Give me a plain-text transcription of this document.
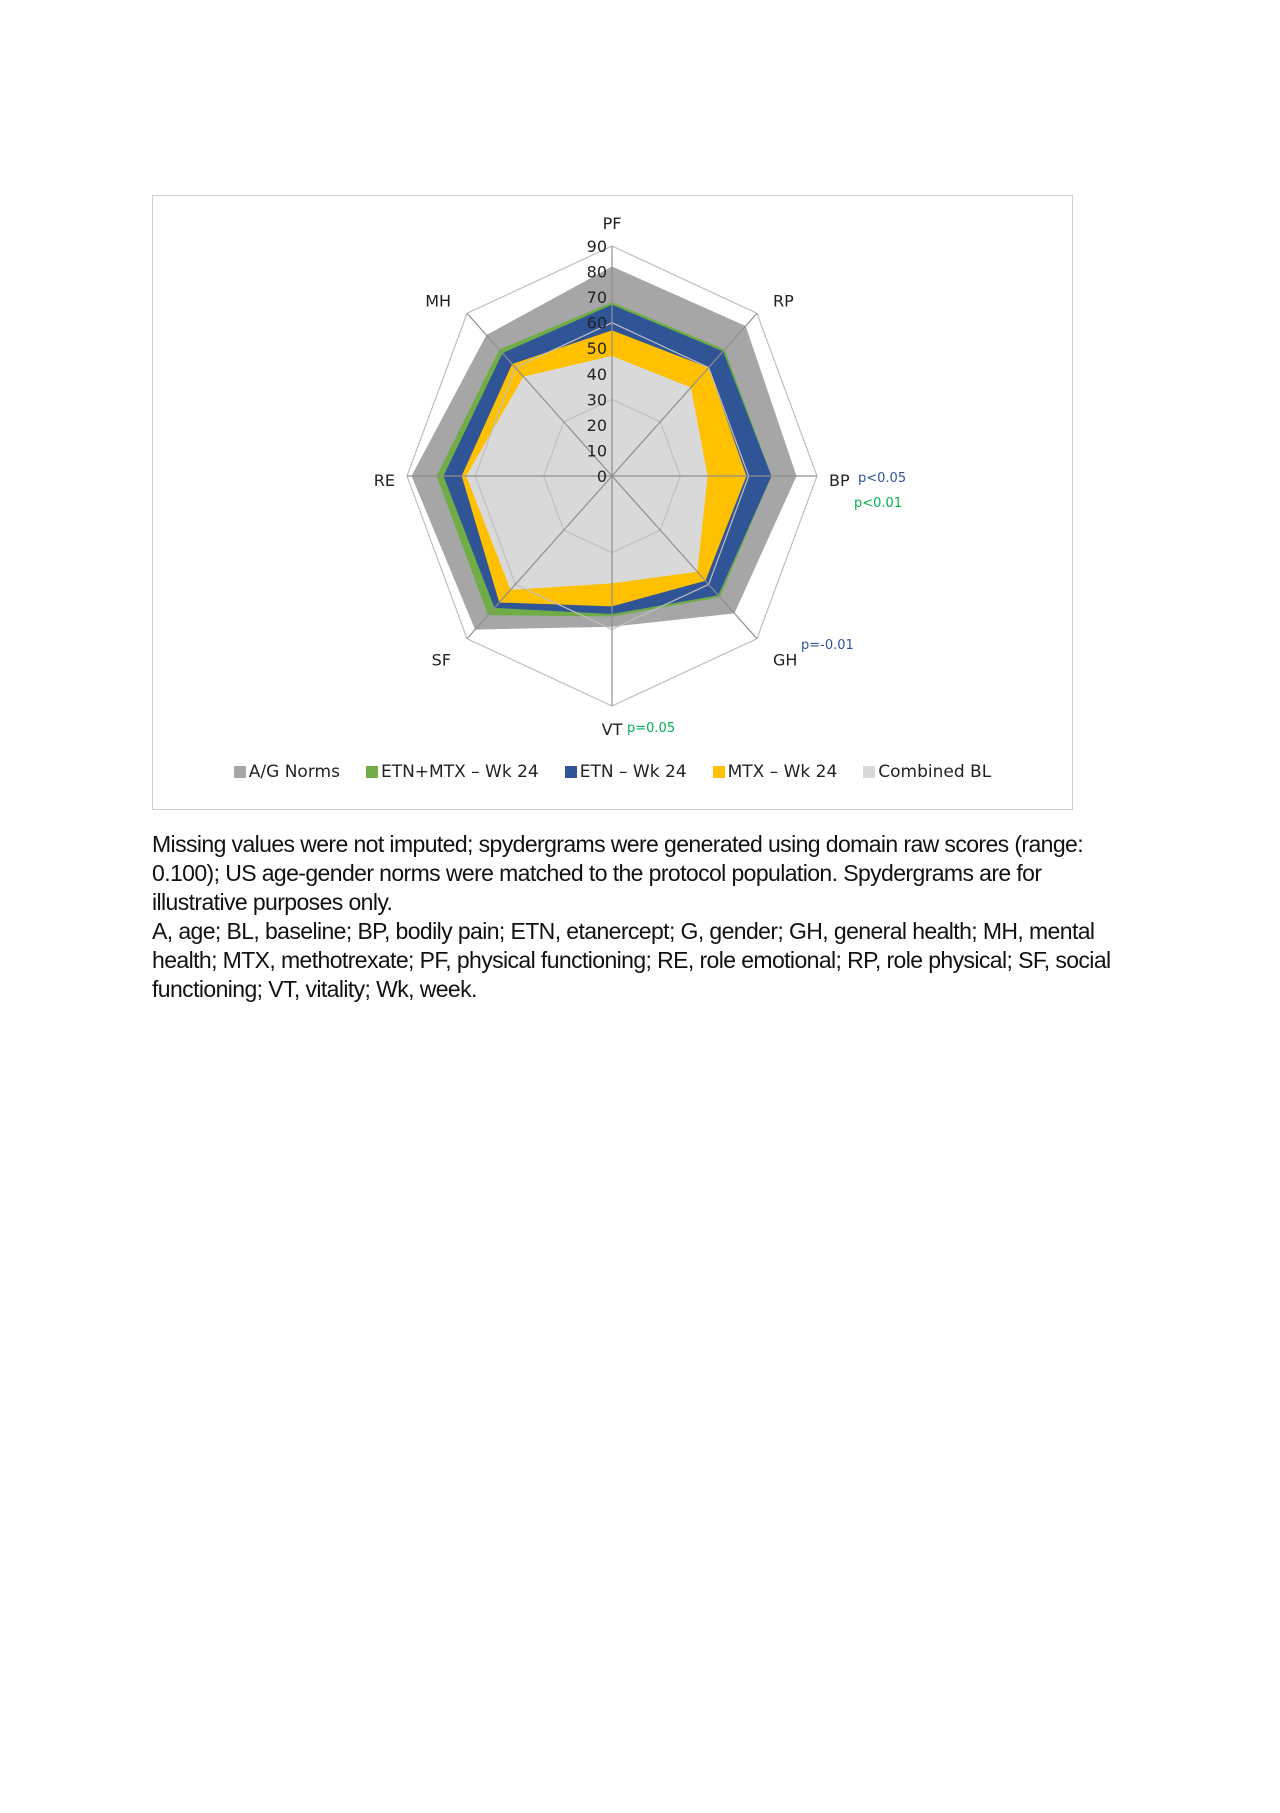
0
10
20
30
40
50
60
70
80
90
PF
RP
BP
GH
VT
SF
RE
MH
p<0.05
p<0.01
p=-0.01
p=0.05
A/G Norms ETN+MTX – Wk 24 ETN – Wk 24 MTX – Wk 24 Combined BL

Missing values were not imputed; spydergrams were generated using domain raw scores (range: 0.100); US age-gender norms were matched to the protocol population. Spydergrams are for illustrative purposes only.

A, age; BL, baseline; BP, bodily pain; ETN, etanercept; G, gender; GH, general health; MH, mental health; MTX, methotrexate; PF, physical functioning; RE, role emotional; RP, role physical; SF, social functioning; VT, vitality; Wk, week.
